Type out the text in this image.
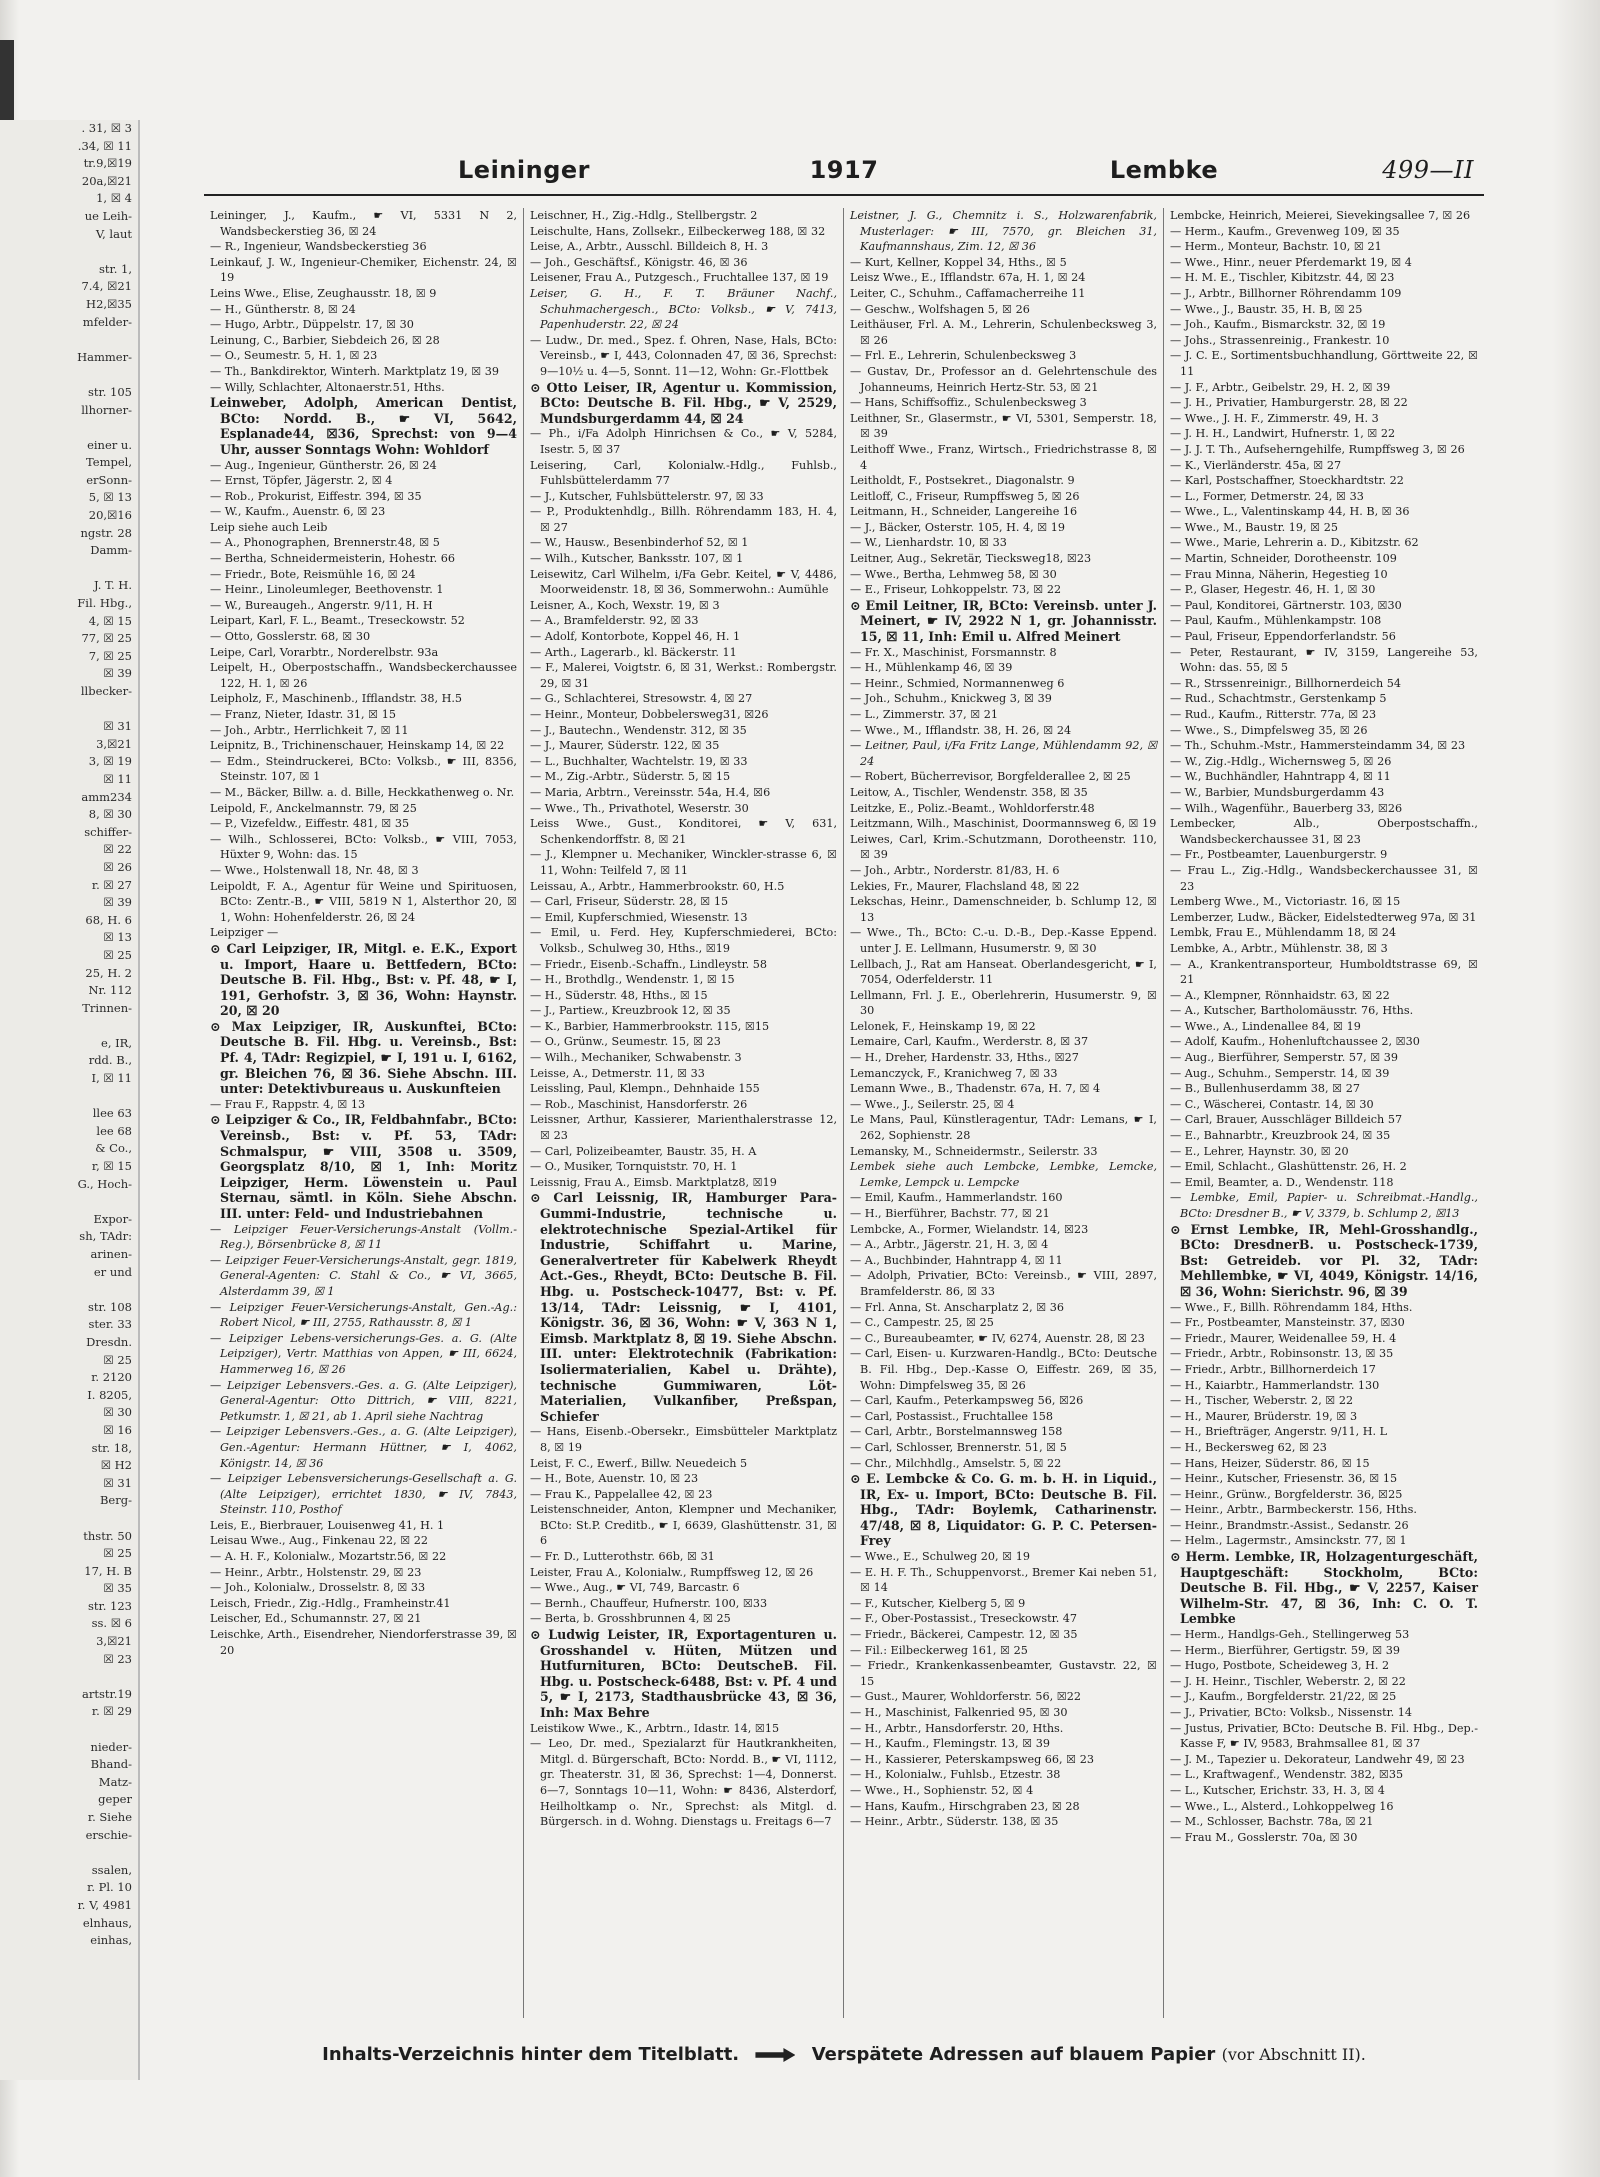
. 31, ☒ 3
.34, ☒ 11
tr.9,☒19
20a,☒21
1, ☒ 4
ue Leih-
V, laut

str. 1,
7.4, ☒21
H2,☒35
mfelder-

Hammer-

str. 105
llhorner-

einer u.
Tempel,
erSonn-
5, ☒ 13
20,☒16
ngstr. 28
Damm-

J. T. H.
Fil. Hbg.,
4, ☒ 15
77, ☒ 25
7, ☒ 25
☒ 39
llbecker-

☒ 31
3,☒21
3, ☒ 19
☒ 11
amm234
8, ☒ 30
schiffer-
☒ 22
☒ 26
r. ☒ 27
☒ 39
68, H. 6
☒ 13
☒ 25
25, H. 2
Nr. 112
Trinnen-

e, IR,
rdd. B.,
I, ☒ 11

llee 63
lee 68
& Co.,
r, ☒ 15
G., Hoch-

Expor-
sh, TAdr:
arinen-
er und

str. 108
ster. 33
Dresdn.
☒ 25
r. 2120
I. 8205,
☒ 30
☒ 16
str. 18,
☒ H2
☒ 31
Berg-

thstr. 50
☒ 25
17, H. B
☒ 35
str. 123
ss. ☒ 6
3,☒21
☒ 23

artstr.19
r. ☒ 29

nieder-
Bhand-
Matz-
geper
r. Siehe
erschie-

ssalen,
r. Pl. 10
r. V, 4981
elnhaus,
einhas,
Leininger	1917	Lembke	499—II
Leininger, J., Kaufm., ☛ VI, 5331 N 2, Wandsbeckerstieg 36, ☒ 24
— R., Ingenieur, Wandsbeckerstieg 36
Leinkauf, J. W., Ingenieur-Chemiker, Eichenstr. 24, ☒ 19
Leins Wwe., Elise, Zeughausstr. 18, ☒ 9
— H., Güntherstr. 8, ☒ 24
— Hugo, Arbtr., Düppelstr. 17, ☒ 30
Leinung, C., Barbier, Siebdeich 26, ☒ 28
— O., Seumestr. 5, H. 1, ☒ 23
— Th., Bankdirektor, Winterh. Marktplatz 19, ☒ 39
— Willy, Schlachter, Altonaerstr.51, Hths.
Leinweber, Adolph, American Dentist, BCto: Nordd. B., ☛ VI, 5642, Esplanade44, ☒36, Sprechst: von 9—4 Uhr, ausser Sonntags Wohn: Wohldorf
— Aug., Ingenieur, Güntherstr. 26, ☒ 24
— Ernst, Töpfer, Jägerstr. 2, ☒ 4
— Rob., Prokurist, Eiffestr. 394, ☒ 35
— W., Kaufm., Auenstr. 6, ☒ 23
Leip siehe auch Leib
— A., Phonographen, Brennerstr.48, ☒ 5
— Bertha, Schneidermeisterin, Hohestr. 66
— Friedr., Bote, Reismühle 16, ☒ 24
— Heinr., Linoleumleger, Beethovenstr. 1
— W., Bureaugeh., Angerstr. 9/11, H. H
Leipart, Karl, F. L., Beamt., Treseckowstr. 52
— Otto, Gosslerstr. 68, ☒ 30
Leipe, Carl, Vorarbtr., Norderelbstr. 93a
Leipelt, H., Oberpostschaffn., Wandsbeckerchaussee 122, H. 1, ☒ 26
Leipholz, F., Maschinenb., Ifflandstr. 38, H.5
— Franz, Nieter, Idastr. 31, ☒ 15
— Joh., Arbtr., Herrlichkeit 7, ☒ 11
Leipnitz, B., Trichinenschauer, Heinskamp 14, ☒ 22
— Edm., Steindruckerei, BCto: Volksb., ☛ III, 8356, Steinstr. 107, ☒ 1
— M., Bäcker, Billw. a. d. Bille, Heckkathenweg o. Nr.
Leipold, F., Anckelmannstr. 79, ☒ 25
— P., Vizefeldw., Eiffestr. 481, ☒ 35
— Wilh., Schlosserei, BCto: Volksb., ☛ VIII, 7053, Hüxter 9, Wohn: das. 15
— Wwe., Holstenwall 18, Nr. 48, ☒ 3
Leipoldt, F. A., Agentur für Weine und Spirituosen, BCto: Zentr.-B., ☛ VIII, 5819 N 1, Alsterthor 20, ☒ 1, Wohn: Hohenfelderstr. 26, ☒ 24
Leipziger —
⊙ Carl Leipziger, IR, Mitgl. e. E.K., Export u. Import, Haare u. Bettfedern, BCto: Deutsche B. Fil. Hbg., Bst: v. Pf. 48, ☛ I, 191, Gerhofstr. 3, ☒ 36, Wohn: Haynstr. 20, ☒ 20
⊙ Max Leipziger, IR, Auskunftei, BCto: Deutsche B. Fil. Hbg. u. Vereinsb., Bst: Pf. 4, TAdr: Regizpiel, ☛ I, 191 u. I, 6162, gr. Bleichen 76, ☒ 36. Siehe Abschn. III. unter: Detektivbureaus u. Auskunfteien
— Frau F., Rappstr. 4, ☒ 13
⊙ Leipziger & Co., IR, Feldbahnfabr., BCto: Vereinsb., Bst: v. Pf. 53, TAdr: Schmalspur, ☛ VIII, 3508 u. 3509, Georgsplatz 8/10, ☒ 1, Inh: Moritz Leipziger, Herm. Löwenstein u. Paul Sternau, sämtl. in Köln. Siehe Abschn. III. unter: Feld- und Industriebahnen
— Leipziger Feuer-Versicherungs-Anstalt (Vollm.-Reg.), Börsenbrücke 8, ☒ 11
— Leipziger Feuer-Versicherungs-Anstalt, gegr. 1819, General-Agenten: C. Stahl & Co., ☛ VI, 3665, Alsterdamm 39, ☒ 1
— Leipziger Feuer-Versicherungs-Anstalt, Gen.-Ag.: Robert Nicol, ☛ III, 2755, Rathausstr. 8, ☒ 1
— Leipziger Lebens-versicherungs-Ges. a. G. (Alte Leipziger), Vertr. Matthias von Appen, ☛ III, 6624, Hammerweg 16, ☒ 26
— Leipziger Lebensvers.-Ges. a. G. (Alte Leipziger), General-Agentur: Otto Dittrich, ☛ VIII, 8221, Petkumstr. 1, ☒ 21, ab 1. April siehe Nachtrag
— Leipziger Lebensvers.-Ges., a. G. (Alte Leipziger), Gen.-Agentur: Hermann Hüttner, ☛ I, 4062, Königstr. 14, ☒ 36
— Leipziger Lebensversicherungs-Gesellschaft a. G. (Alte Leipziger), errichtet 1830, ☛ IV, 7843, Steinstr. 110, Posthof
Leis, E., Bierbrauer, Louisenweg 41, H. 1
Leisau Wwe., Aug., Finkenau 22, ☒ 22
— A. H. F., Kolonialw., Mozartstr.56, ☒ 22
— Heinr., Arbtr., Holstenstr. 29, ☒ 23
— Joh., Kolonialw., Drosselstr. 8, ☒ 33
Leisch, Friedr., Zig.-Hdlg., Framheinstr.41
Leischer, Ed., Schumannstr. 27, ☒ 21
Leischke, Arth., Eisendreher, Niendorferstrasse 39, ☒ 20
Leischner, H., Zig.-Hdlg., Stellbergstr. 2
Leischulte, Hans, Zollsekr., Eilbeckerweg 188, ☒ 32
Leise, A., Arbtr., Ausschl. Billdeich 8, H. 3
— Joh., Geschäftsf., Königstr. 46, ☒ 36
Leisener, Frau A., Putzgesch., Fruchtallee 137, ☒ 19
Leiser, G. H., F. T. Bräuner Nachf., Schuhmachergesch., BCto: Volksb., ☛ V, 7413, Papenhuderstr. 22, ☒ 24
— Ludw., Dr. med., Spez. f. Ohren, Nase, Hals, BCto: Vereinsb., ☛ I, 443, Colonnaden 47, ☒ 36, Sprechst: 9—10½ u. 4—5, Sonnt. 11—12, Wohn: Gr.-Flottbek
⊙ Otto Leiser, IR, Agentur u. Kommission, BCto: Deutsche B. Fil. Hbg., ☛ V, 2529, Mundsburgerdamm 44, ☒ 24
— Ph., i/Fa Adolph Hinrichsen & Co., ☛ V, 5284, Isestr. 5, ☒ 37
Leisering, Carl, Kolonialw.-Hdlg., Fuhlsb., Fuhlsbüttelerdamm 77
— J., Kutscher, Fuhlsbüttelerstr. 97, ☒ 33
— P., Produktenhdlg., Billh. Röhrendamm 183, H. 4, ☒ 27
— W., Hausw., Besenbinderhof 52, ☒ 1
— Wilh., Kutscher, Banksstr. 107, ☒ 1
Leisewitz, Carl Wilhelm, i/Fa Gebr. Keitel, ☛ V, 4486, Moorweidenstr. 18, ☒ 36, Sommerwohn.: Aumühle
Leisner, A., Koch, Wexstr. 19, ☒ 3
— A., Bramfelderstr. 92, ☒ 33
— Adolf, Kontorbote, Koppel 46, H. 1
— Arth., Lagerarb., kl. Bäckerstr. 11
— F., Malerei, Voigtstr. 6, ☒ 31, Werkst.: Rombergstr. 29, ☒ 31
— G., Schlachterei, Stresowstr. 4, ☒ 27
— Heinr., Monteur, Dobbelersweg31, ☒26
— J., Bautechn., Wendenstr. 312, ☒ 35
— J., Maurer, Süderstr. 122, ☒ 35
— L., Buchhalter, Wachtelstr. 19, ☒ 33
— M., Zig.-Arbtr., Süderstr. 5, ☒ 15
— Maria, Arbtrn., Vereinsstr. 54a, H.4, ☒6
— Wwe., Th., Privathotel, Weserstr. 30
Leiss Wwe., Gust., Konditorei, ☛ V, 631, Schenkendorffstr. 8, ☒ 21
— J., Klempner u. Mechaniker, Winckler-strasse 6, ☒ 11, Wohn: Teilfeld 7, ☒ 11
Leissau, A., Arbtr., Hammerbrookstr. 60, H.5
— Carl, Friseur, Süderstr. 28, ☒ 15
— Emil, Kupferschmied, Wiesenstr. 13
— Emil, u. Ferd. Hey, Kupferschmiederei, BCto: Volksb., Schulweg 30, Hths., ☒19
— Friedr., Eisenb.-Schaffn., Lindleystr. 58
— H., Brothdlg., Wendenstr. 1, ☒ 15
— H., Süderstr. 48, Hths., ☒ 15
— J., Partiew., Kreuzbrook 12, ☒ 35
— K., Barbier, Hammerbrookstr. 115, ☒15
— O., Grünw., Seumestr. 15, ☒ 23
— Wilh., Mechaniker, Schwabenstr. 3
Leisse, A., Detmerstr. 11, ☒ 33
Leissling, Paul, Klempn., Dehnhaide 155
— Rob., Maschinist, Hansdorferstr. 26
Leissner, Arthur, Kassierer, Marienthalerstrasse 12, ☒ 23
— Carl, Polizeibeamter, Baustr. 35, H. A
— O., Musiker, Tornquiststr. 70, H. 1
Leissnig, Frau A., Eimsb. Marktplatz8, ☒19
⊙ Carl Leissnig, IR, Hamburger Para-Gummi-Industrie, technische u. elektrotechnische Spezial-Artikel für Industrie, Schiffahrt u. Marine, Generalvertreter für Kabelwerk Rheydt Act.-Ges., Rheydt, BCto: Deutsche B. Fil. Hbg. u. Postscheck-10477, Bst: v. Pf. 13/14, TAdr: Leissnig, ☛ I, 4101, Königstr. 36, ☒ 36, Wohn: ☛ V, 363 N 1, Eimsb. Marktplatz 8, ☒ 19. Siehe Abschn. III. unter: Elektrotechnik (Fabrikation: Isoliermaterialien, Kabel u. Drähte), technische Gummiwaren, Löt-Materialien, Vulkanfiber, Preßspan, Schiefer
— Hans, Eisenb.-Obersekr., Eimsbütteler Marktplatz 8, ☒ 19
Leist, F. C., Ewerf., Billw. Neuedeich 5
— H., Bote, Auenstr. 10, ☒ 23
— Frau K., Pappelallee 42, ☒ 23
Leistenschneider, Anton, Klempner und Mechaniker, BCto: St.P. Creditb., ☛ I, 6639, Glashüttenstr. 31, ☒ 6
— Fr. D., Lutterothstr. 66b, ☒ 31
Leister, Frau A., Kolonialw., Rumpffsweg 12, ☒ 26
— Wwe., Aug., ☛ VI, 749, Barcastr. 6
— Bernh., Chauffeur, Hufnerstr. 100, ☒33
— Berta, b. Grosshbrunnen 4, ☒ 25
⊙ Ludwig Leister, IR, Exportagenturen u. Grosshandel v. Hüten, Mützen und Hutfurnituren, BCto: DeutscheB. Fil. Hbg. u. Postscheck-6488, Bst: v. Pf. 4 und 5, ☛ I, 2173, Stadthausbrücke 43, ☒ 36, Inh: Max Behre
Leistikow Wwe., K., Arbtrn., Idastr. 14, ☒15
— Leo, Dr. med., Spezialarzt für Hautkrankheiten, Mitgl. d. Bürgerschaft, BCto: Nordd. B., ☛ VI, 1112, gr. Theaterstr. 31, ☒ 36, Sprechst: 1—4, Donnerst. 6—7, Sonntags 10—11, Wohn: ☛ 8436, Alsterdorf, Heilholtkamp o. Nr., Sprechst: als Mitgl. d. Bürgersch. in d. Wohng. Dienstags u. Freitags 6—7
Leistner, J. G., Chemnitz i. S., Holzwarenfabrik, Musterlager: ☛ III, 7570, gr. Bleichen 31, Kaufmannshaus, Zim. 12, ☒ 36
— Kurt, Kellner, Koppel 34, Hths., ☒ 5
Leisz Wwe., E., Ifflandstr. 67a, H. 1, ☒ 24
Leiter, C., Schuhm., Caffamacherreihe 11
— Geschw., Wolfshagen 5, ☒ 26
Leithäuser, Frl. A. M., Lehrerin, Schulenbecksweg 3, ☒ 26
— Frl. E., Lehrerin, Schulenbecksweg 3
— Gustav, Dr., Professor an d. Gelehrtenschule des Johanneums, Heinrich Hertz-Str. 53, ☒ 21
— Hans, Schiffsoffiz., Schulenbecksweg 3
Leithner, Sr., Glasermstr., ☛ VI, 5301, Semperstr. 18, ☒ 39
Leithoff Wwe., Franz, Wirtsch., Friedrichstrasse 8, ☒ 4
Leitholdt, F., Postsekret., Diagonalstr. 9
Leitloff, C., Friseur, Rumpffsweg 5, ☒ 26
Leitmann, H., Schneider, Langereihe 16
— J., Bäcker, Osterstr. 105, H. 4, ☒ 19
— W., Lienhardstr. 10, ☒ 33
Leitner, Aug., Sekretär, Tiecksweg18, ☒23
— Wwe., Bertha, Lehmweg 58, ☒ 30
— E., Friseur, Lohkoppelstr. 73, ☒ 22
⊙ Emil Leitner, IR, BCto: Vereinsb. unter J. Meinert, ☛ IV, 2922 N 1, gr. Johannisstr. 15, ☒ 11, Inh: Emil u. Alfred Meinert
— Fr. X., Maschinist, Forsmannstr. 8
— H., Mühlenkamp 46, ☒ 39
— Heinr., Schmied, Normannenweg 6
— Joh., Schuhm., Knickweg 3, ☒ 39
— L., Zimmerstr. 37, ☒ 21
— Wwe., M., Ifflandstr. 38, H. 26, ☒ 24
— Leitner, Paul, i/Fa Fritz Lange, Mühlendamm 92, ☒ 24
— Robert, Bücherrevisor, Borgfelderallee 2, ☒ 25
Leitow, A., Tischler, Wendenstr. 358, ☒ 35
Leitzke, E., Poliz.-Beamt., Wohldorferstr.48
Leitzmann, Wilh., Maschinist, Doormannsweg 6, ☒ 19
Leiwes, Carl, Krim.-Schutzmann, Dorotheenstr. 110, ☒ 39
— Joh., Arbtr., Norderstr. 81/83, H. 6
Lekies, Fr., Maurer, Flachsland 48, ☒ 22
Lekschas, Heinr., Damenschneider, b. Schlump 12, ☒ 13
— Wwe., Th., BCto: C.-u. D.-B., Dep.-Kasse Eppend. unter J. E. Lellmann, Husumerstr. 9, ☒ 30
Lellbach, J., Rat am Hanseat. Oberlandesgericht, ☛ I, 7054, Oderfelderstr. 11
Lellmann, Frl. J. E., Oberlehrerin, Husumerstr. 9, ☒ 30
Lelonek, F., Heinskamp 19, ☒ 22
Lemaire, Carl, Kaufm., Werderstr. 8, ☒ 37
— H., Dreher, Hardenstr. 33, Hths., ☒27
Lemanczyck, F., Kranichweg 7, ☒ 33
Lemann Wwe., B., Thadenstr. 67a, H. 7, ☒ 4
— Wwe., J., Seilerstr. 25, ☒ 4
Le Mans, Paul, Künstleragentur, TAdr: Lemans, ☛ I, 262, Sophienstr. 28
Lemansky, M., Schneidermstr., Seilerstr. 33
Lembek siehe auch Lembcke, Lembke, Lemcke, Lemke, Lempck u. Lempcke
— Emil, Kaufm., Hammerlandstr. 160
— H., Bierführer, Bachstr. 77, ☒ 21
Lembcke, A., Former, Wielandstr. 14, ☒23
— A., Arbtr., Jägerstr. 21, H. 3, ☒ 4
— A., Buchbinder, Hahntrapp 4, ☒ 11
— Adolph, Privatier, BCto: Vereinsb., ☛ VIII, 2897, Bramfelderstr. 86, ☒ 33
— Frl. Anna, St. Anscharplatz 2, ☒ 36
— C., Campestr. 25, ☒ 25
— C., Bureaubeamter, ☛ IV, 6274, Auenstr. 28, ☒ 23
— Carl, Eisen- u. Kurzwaren-Handlg., BCto: Deutsche B. Fil. Hbg., Dep.-Kasse O, Eiffestr. 269, ☒ 35, Wohn: Dimpfelsweg 35, ☒ 26
— Carl, Kaufm., Peterkampsweg 56, ☒26
— Carl, Postassist., Fruchtallee 158
— Carl, Arbtr., Borstelmannsweg 158
— Carl, Schlosser, Brennerstr. 51, ☒ 5
— Chr., Milchhdlg., Amselstr. 5, ☒ 22
⊙ E. Lembcke & Co. G. m. b. H. in Liquid., IR, Ex- u. Import, BCto: Deutsche B. Fil. Hbg., TAdr: Boylemk, Catharinenstr. 47/48, ☒ 8, Liquidator: G. P. C. Petersen-Frey
— Wwe., E., Schulweg 20, ☒ 19
— E. H. F. Th., Schuppenvorst., Bremer Kai neben 51, ☒ 14
— F., Kutscher, Kielberg 5, ☒ 9
— F., Ober-Postassist., Treseckowstr. 47
— Friedr., Bäckerei, Campestr. 12, ☒ 35
— Fil.: Eilbeckerweg 161, ☒ 25
— Friedr., Krankenkassenbeamter, Gustavstr. 22, ☒ 15
— Gust., Maurer, Wohldorferstr. 56, ☒22
— H., Maschinist, Falkenried 95, ☒ 30
— H., Arbtr., Hansdorferstr. 20, Hths.
— H., Kaufm., Flemingstr. 13, ☒ 39
— H., Kassierer, Peterskampsweg 66, ☒ 23
— H., Kolonialw., Fuhlsb., Etzestr. 38
— Wwe., H., Sophienstr. 52, ☒ 4
— Hans, Kaufm., Hirschgraben 23, ☒ 28
— Heinr., Arbtr., Süderstr. 138, ☒ 35
Lembcke, Heinrich, Meierei, Sievekingsallee 7, ☒ 26
— Herm., Kaufm., Grevenweg 109, ☒ 35
— Herm., Monteur, Bachstr. 10, ☒ 21
— Wwe., Hinr., neuer Pferdemarkt 19, ☒ 4
— H. M. E., Tischler, Kibitzstr. 44, ☒ 23
— J., Arbtr., Billhorner Röhrendamm 109
— Wwe., J., Baustr. 35, H. B, ☒ 25
— Joh., Kaufm., Bismarckstr. 32, ☒ 19
— Johs., Strassenreinig., Frankestr. 10
— J. C. E., Sortimentsbuchhandlung, Görttweite 22, ☒ 11
— J. F., Arbtr., Geibelstr. 29, H. 2, ☒ 39
— J. H., Privatier, Hamburgerstr. 28, ☒ 22
— Wwe., J. H. F., Zimmerstr. 49, H. 3
— J. H. H., Landwirt, Hufnerstr. 1, ☒ 22
— J. J. T. Th., Aufseherngehilfe, Rumpffsweg 3, ☒ 26
— K., Vierländerstr. 45a, ☒ 27
— Karl, Postschaffner, Stoeckhardtstr. 22
— L., Former, Detmerstr. 24, ☒ 33
— Wwe., L., Valentinskamp 44, H. B, ☒ 36
— Wwe., M., Baustr. 19, ☒ 25
— Wwe., Marie, Lehrerin a. D., Kibitzstr. 62
— Martin, Schneider, Dorotheenstr. 109
— Frau Minna, Näherin, Hegestieg 10
— P., Glaser, Hegestr. 46, H. 1, ☒ 30
— Paul, Konditorei, Gärtnerstr. 103, ☒30
— Paul, Kaufm., Mühlenkampstr. 108
— Paul, Friseur, Eppendorferlandstr. 56
— Peter, Restaurant, ☛ IV, 3159, Langereihe 53, Wohn: das. 55, ☒ 5
— R., Strssenreinigr., Billhornerdeich 54
— Rud., Schachtmstr., Gerstenkamp 5
— Rud., Kaufm., Ritterstr. 77a, ☒ 23
— Wwe., S., Dimpfelsweg 35, ☒ 26
— Th., Schuhm.-Mstr., Hammersteindamm 34, ☒ 23
— W., Zig.-Hdlg., Wichernsweg 5, ☒ 26
— W., Buchhändler, Hahntrapp 4, ☒ 11
— W., Barbier, Mundsburgerdamm 43
— Wilh., Wagenführ., Bauerberg 33, ☒26
Lembecker, Alb., Oberpostschaffn., Wandsbeckerchaussee 31, ☒ 23
— Fr., Postbeamter, Lauenburgerstr. 9
— Frau L., Zig.-Hdlg., Wandsbeckerchaussee 31, ☒ 23
Lemberg Wwe., M., Victoriastr. 16, ☒ 15
Lemberzer, Ludw., Bäcker, Eidelstedterweg 97a, ☒ 31
Lembk, Frau E., Mühlendamm 18, ☒ 24
Lembke, A., Arbtr., Mühlenstr. 38, ☒ 3
— A., Krankentransporteur, Humboldtstrasse 69, ☒ 21
— A., Klempner, Rönnhaidstr. 63, ☒ 22
— A., Kutscher, Bartholomäusstr. 76, Hths.
— Wwe., A., Lindenallee 84, ☒ 19
— Adolf, Kaufm., Hohenluftchaussee 2, ☒30
— Aug., Bierführer, Semperstr. 57, ☒ 39
— Aug., Schuhm., Semperstr. 14, ☒ 39
— B., Bullenhuserdamm 38, ☒ 27
— C., Wäscherei, Contastr. 14, ☒ 30
— Carl, Brauer, Ausschläger Billdeich 57
— E., Bahnarbtr., Kreuzbrook 24, ☒ 35
— E., Lehrer, Haynstr. 30, ☒ 20
— Emil, Schlacht., Glashüttenstr. 26, H. 2
— Emil, Beamter, a. D., Wendenstr. 118
— Lembke, Emil, Papier- u. Schreibmat.-Handlg., BCto: Dresdner B., ☛ V, 3379, b. Schlump 2, ☒13
⊙ Ernst Lembke, IR, Mehl-Grosshandlg., BCto: DresdnerB. u. Postscheck-1739, Bst: Getreideb. vor Pl. 32, TAdr: Mehllembke, ☛ VI, 4049, Königstr. 14/16, ☒ 36, Wohn: Sierichstr. 96, ☒ 39
— Wwe., F., Billh. Röhrendamm 184, Hths.
— Fr., Postbeamter, Mansteinstr. 37, ☒30
— Friedr., Maurer, Weidenallee 59, H. 4
— Friedr., Arbtr., Robinsonstr. 13, ☒ 35
— Friedr., Arbtr., Billhornerdeich 17
— H., Kaiarbtr., Hammerlandstr. 130
— H., Tischer, Weberstr. 2, ☒ 22
— H., Maurer, Brüderstr. 19, ☒ 3
— H., Briefträger, Angerstr. 9/11, H. L
— H., Beckersweg 62, ☒ 23
— Hans, Heizer, Süderstr. 86, ☒ 15
— Heinr., Kutscher, Friesenstr. 36, ☒ 15
— Heinr., Grünw., Borgfelderstr. 36, ☒25
— Heinr., Arbtr., Barmbeckerstr. 156, Hths.
— Heinr., Brandmstr.-Assist., Sedanstr. 26
— Helm., Lagermstr., Amsinckstr. 77, ☒ 1
⊙ Herm. Lembke, IR, Holzagenturgeschäft, Hauptgeschäft: Stockholm, BCto: Deutsche B. Fil. Hbg., ☛ V, 2257, Kaiser Wilhelm-Str. 47, ☒ 36, Inh: C. O. T. Lembke
— Herm., Handlgs-Geh., Stellingerweg 53
— Herm., Bierführer, Gertigstr. 59, ☒ 39
— Hugo, Postbote, Scheideweg 3, H. 2
— J. H. Heinr., Tischler, Weberstr. 2, ☒ 22
— J., Kaufm., Borgfelderstr. 21/22, ☒ 25
— J., Privatier, BCto: Volksb., Nissenstr. 14
— Justus, Privatier, BCto: Deutsche B. Fil. Hbg., Dep.-Kasse F, ☛ IV, 9583, Brahmsallee 81, ☒ 37
— J. M., Tapezier u. Dekorateur, Landwehr 49, ☒ 23
— L., Kraftwagenf., Wendenstr. 382, ☒35
— L., Kutscher, Erichstr. 33, H. 3, ☒ 4
— Wwe., L., Alsterd., Lohkoppelweg 16
— M., Schlosser, Bachstr. 78a, ☒ 21
— Frau M., Gosslerstr. 70a, ☒ 30
Inhalts-Verzeichnis hinter dem Titelblatt.	Verspätete Adressen auf blauem Papier (vor Abschnitt II).
